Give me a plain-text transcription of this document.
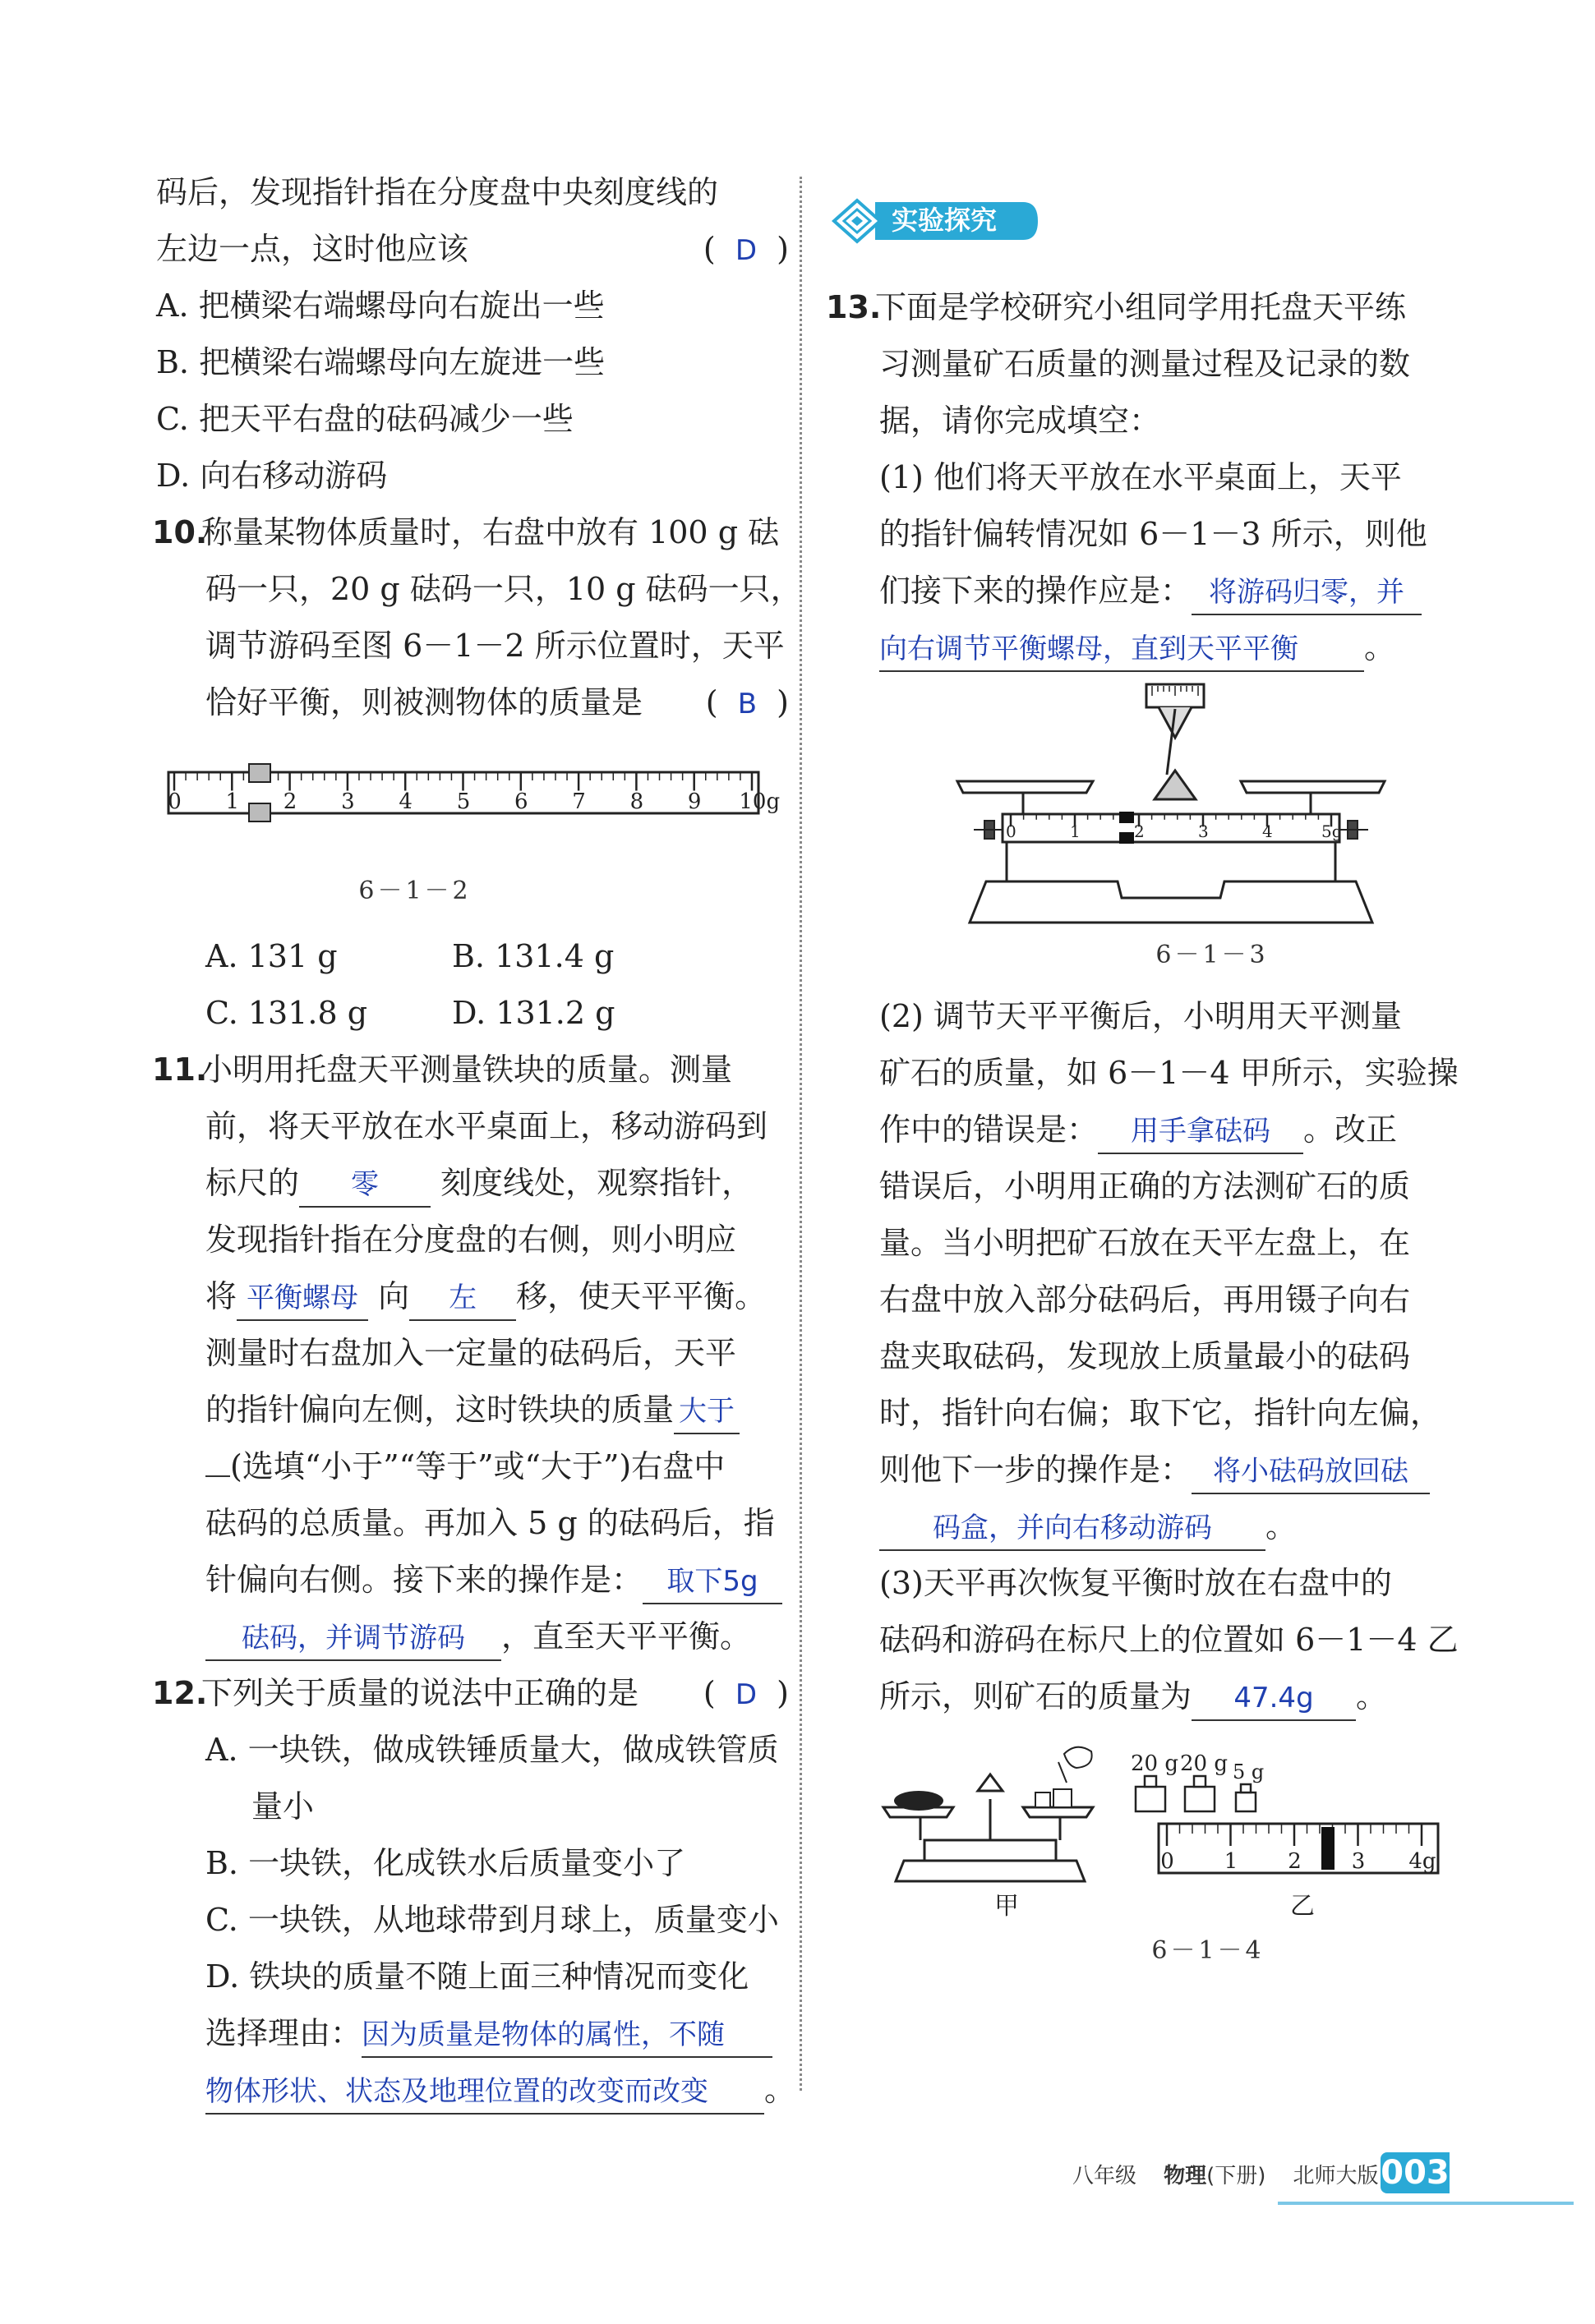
码后，发现指针指在分度盘中央刻度线的
左边一点，这时他应该	(  D  )
A. 把横梁右端螺母向右旋出一些
B. 把横梁右端螺母向左旋进一些
C. 把天平右盘的砝码减少一些
D. 向右移动游码
10.称量某物体质量时，右盘中放有 100 g 砝
码一只，20 g 砝码一只，10 g 砝码一只，
调节游码至图 6－1－2 所示位置时，天平
恰好平衡，则被测物体的质量是 (  B  )
0 1 2 3 4 5 6 7 8 9 10g
6－1－2
A. 131 g	B. 131.4 g
C. 131.8 g	D. 131.2 g
11.小明用托盘天平测量铁块的质量。测量
前，将天平放在水平桌面上，移动游码到
标尺的 零 刻度线处，观察指针，
发现指针指在分度盘的右侧，则小明应
将 平衡螺母 向 左 移，使天平平衡。
测量时右盘加入一定量的砝码后，天平
的指针偏向左侧，这时铁块的质量 大于
(选填“小于”“等于”或“大于”)右盘中
砝码的总质量。再加入 5 g 的砝码后，指
针偏向右侧。接下来的操作是： 取下5g
砝码，并调节游码 ，直至天平平衡。
12.下列关于质量的说法中正确的是 (  D  )
A. 一块铁，做成铁锤质量大，做成铁管质
量小
B. 一块铁，化成铁水后质量变小了
C. 一块铁，从地球带到月球上，质量变小
D. 铁块的质量不随上面三种情况而变化
选择理由：因为质量是物体的属性，不随
物体形状、状态及地理位置的改变而改变 。
实验探究
13.下面是学校研究小组同学用托盘天平练
习测量矿石质量的测量过程及记录的数
据，请你完成填空：
(1) 他们将天平放在水平桌面上，天平
的指针偏转情况如 6－1－3 所示，则他
们接下来的操作应是： 将游码归零，并
向右调节平衡螺母，直到天平平衡 。
0	1	2	3	4	5g
6－1－3
(2) 调节天平平衡后，小明用天平测量
矿石的质量，如 6－1－4 甲所示，实验操
作中的错误是： 用手拿砝码 。改正
错误后，小明用正确的方法测矿石的质
量。当小明把矿石放在天平左盘上，在
右盘中放入部分砝码后，再用镊子向右
盘夹取砝码，发现放上质量最小的砝码
时，指针向右偏；取下它，指针向左偏，
则他下一步的操作是： 将小砝码放回砝
码盒，并向右移动游码 。
(3)天平再次恢复平衡时放在右盘中的
砝码和游码在标尺上的位置如 6－1－4 乙
所示，则矿石的质量为 47.4g 。
甲
20 g 20 g 5 g
0 1 2 3 4g
乙
6－1－4
八年级 物理(下册) 北师大版 003
